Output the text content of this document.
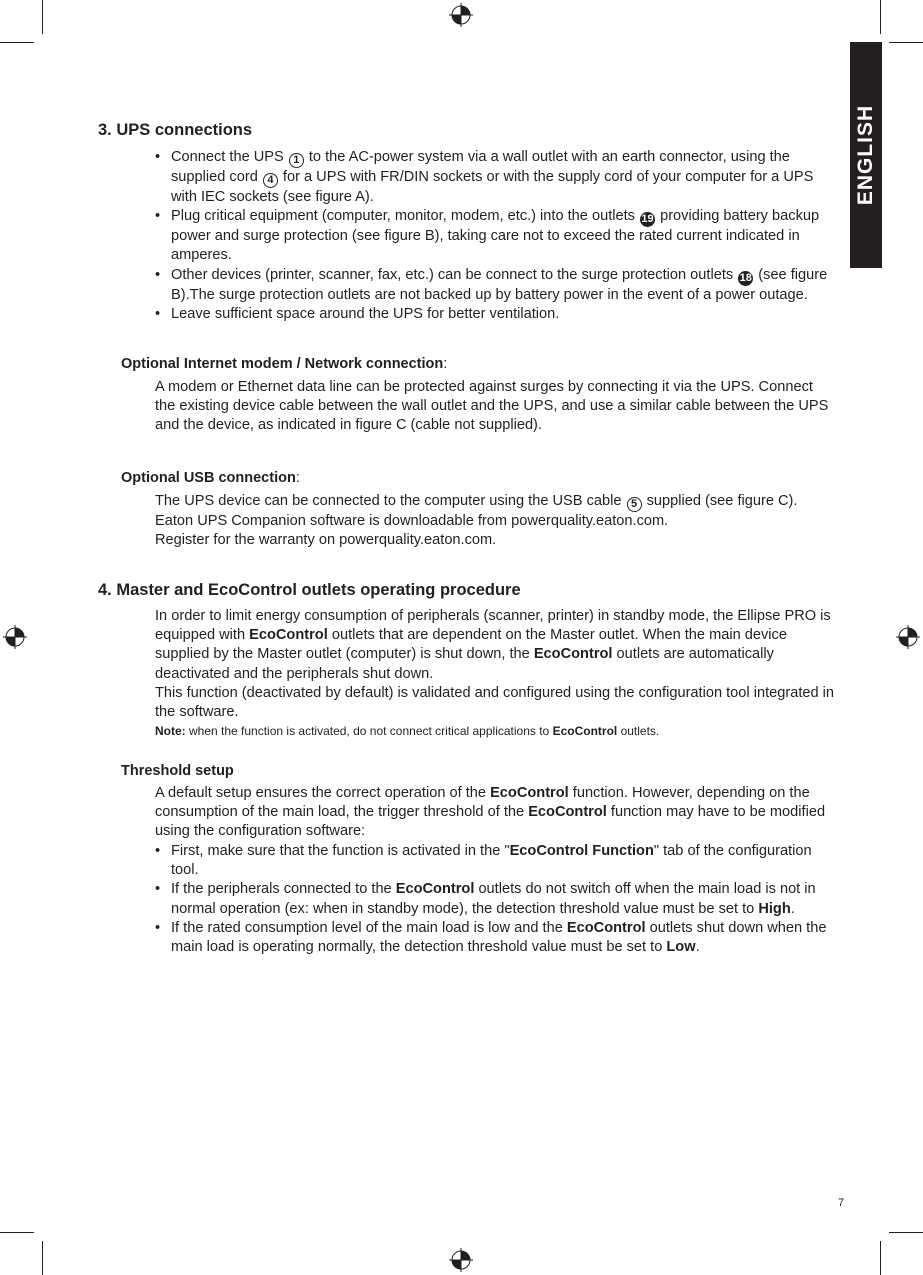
ENGLISH
3. UPS connections
• Connect the UPS 1 to the AC-power system via a wall outlet with an earth connector, using the supplied cord 4 for a UPS with FR/DIN sockets or with the supply cord of your computer for a UPS with IEC sockets (see figure A).
• Plug critical equipment (computer, monitor, modem, etc.) into the outlets 19 providing battery backup power and surge protection (see figure B), taking care not to exceed the rated current indicated in amperes.
• Other devices (printer, scanner, fax, etc.) can be connect to the surge protection outlets 18 (see figure B).The surge protection outlets are not backed up by battery power in the event of a power outage.
• Leave sufficient space around the UPS for better ventilation.
Optional Internet modem / Network connection:

A modem or Ethernet data line can be protected against surges by connecting it via the UPS. Connect the existing device cable between the wall outlet and the UPS, and use a similar cable between the UPS and the device, as indicated in figure C (cable not supplied).

Optional USB connection:

The UPS device can be connected to the computer using the USB cable 5 supplied (see figure C).
Eaton UPS Companion software is downloadable from powerquality.eaton.com.
Register for the warranty on powerquality.eaton.com.

4. Master and EcoControl outlets operating procedure

In order to limit energy consumption of peripherals (scanner, printer) in standby mode, the Ellipse PRO is equipped with EcoControl outlets that are dependent on the Master outlet. When the main device supplied by the Master outlet (computer) is shut down, the EcoControl outlets are automatically deactivated and the peripherals shut down.
This function (deactivated by default) is validated and configured using the configuration tool integrated in the software.
Note: when the function is activated, do not connect critical applications to EcoControl outlets.

Threshold setup

A default setup ensures the correct operation of the EcoControl function. However, depending on the consumption of the main load, the trigger threshold of the EcoControl function may have to be modified using the configuration software:

• First, make sure that the function is activated in the "EcoControl Function" tab of the configuration tool.
• If the peripherals connected to the EcoControl outlets do not switch off when the main load is not in normal operation (ex: when in standby mode), the detection threshold value must be set to High.
• If the rated consumption level of the main load is low and the EcoControl outlets shut down when the main load is operating normally, the detection threshold value must be set to Low.
7
